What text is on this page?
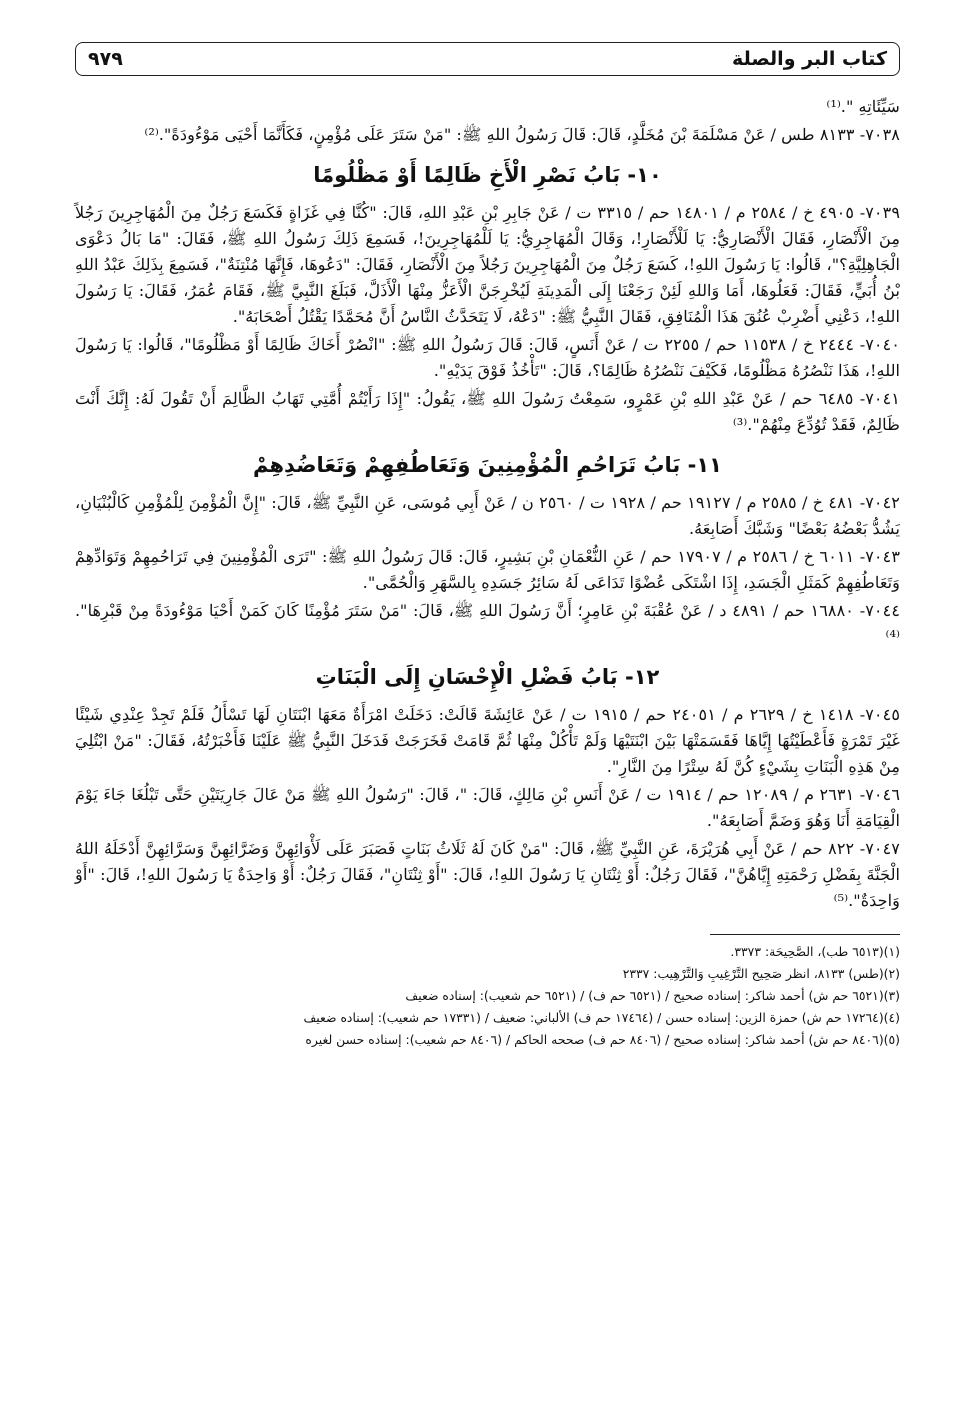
كتاب البر والصلة
٩٧٩

سَيِّئَاتِهِ ".⁽¹⁾

٧٠٣٨- ٨١٣٣ طس / عَنْ مَسْلَمَةَ بْنَ مُخَلَّدٍ، قَالَ: قَالَ رَسُولُ اللهِ ﷺ: "مَنْ سَتَرَ عَلَى مُؤْمِنٍ، فَكَأَنَّمَا أَحْيَى مَوْءُودَةً".⁽²⁾

١٠- بَابُ نَصْرِ الْأَخِ ظَالِمًا أَوْ مَظْلُومًا

٧٠٣٩- ٤٩٠٥ خ / ٢٥٨٤ م / ١٤٨٠١ حم / ٣٣١٥ ت / عَنْ جَابِرِ بْنِ عَبْدِ اللهِ، قَالَ: "كُنَّا فِي غَزَاةٍ فَكَسَعَ رَجُلٌ مِنَ الْمُهَاجِرِينَ رَجُلاً مِنَ الْأَنْصَارِ، فَقَالَ الْأَنْصَارِيُّ: يَا لَلْأَنْصَارِ!، وَقَالَ الْمُهَاجِرِيُّ: يَا لَلْمُهَاجِرِينَ!، فَسَمِعَ ذَلِكَ رَسُولُ اللهِ ﷺ، فَقَالَ: "مَا بَالُ دَعْوَى الْجَاهِلِيَّةِ؟"، قَالُوا: يَا رَسُولَ اللهِ!، كَسَعَ رَجُلٌ مِنَ الْمُهَاجِرِينَ رَجُلاً مِنَ الْأَنْصَارِ، فَقَالَ: "دَعُوهَا، فَإِنَّهَا مُنْتِنَةٌ"، فَسَمِعَ بِذَلِكَ عَبْدُ اللهِ بْنُ أُبَيٍّ، فَقَالَ: فَعَلُوهَا، أَمَا وَاللهِ لَئِنْ رَجَعْنَا إِلَى الْمَدِينَةِ لَيُخْرِجَنَّ الْأَعَزُّ مِنْهَا الْأَذَلَّ، فَبَلَغَ النَّبِيَّ ﷺ، فَقَامَ عُمَرُ، فَقَالَ: يَا رَسُولَ اللهِ!، دَعْنِي أَضْرِبْ عُنُقَ هَذَا الْمُنَافِقِ، فَقَالَ النَّبِيُّ ﷺ: "دَعْهُ، لَا يَتَحَدَّثُ النَّاسُ أَنَّ مُحَمَّدًا يَقْتُلُ أَصْحَابَهُ".

٧٠٤٠- ٢٤٤٤ خ / ١١٥٣٨ حم / ٢٢٥٥ ت / عَنْ أَنَسٍ، قَالَ: قَالَ رَسُولُ اللهِ ﷺ: "انْصُرْ أَخَاكَ ظَالِمًا أَوْ مَظْلُومًا"، قَالُوا: يَا رَسُولَ اللهِ!، هَذَا نَنْصُرُهُ مَظْلُومًا، فَكَيْفَ نَنْصُرُهُ ظَالِمًا؟، قَالَ: "تَأْخُذُ فَوْقَ يَدَيْهِ".

٧٠٤١- ٦٤٨٥ حم / عَنْ عَبْدِ اللهِ بْنِ عَمْرٍو، سَمِعْتُ رَسُولَ اللهِ ﷺ، يَقُولُ: "إِذَا رَأَيْتُمْ أُمَّتِي تَهَابُ الظَّالِمَ أَنْ تَقُولَ لَهُ: إِنَّكَ أَنْتَ ظَالِمٌ، فَقَدْ تُوُدِّعَ مِنْهُمْ".⁽³⁾

١١- بَابُ تَرَاحُمِ الْمُؤْمِنِينَ وَتَعَاطُفِهِمْ وَتَعَاضُدِهِمْ

٧٠٤٢- ٤٨١ خ / ٢٥٨٥ م / ١٩١٢٧ حم / ١٩٢٨ ت / ٢٥٦٠ ن / عَنْ أَبِي مُوسَى، عَنِ النَّبِيِّ ﷺ، قَالَ: "إِنَّ الْمُؤْمِنَ لِلْمُؤْمِنِ كَالْبُنْيَانِ، يَشُدُّ بَعْضُهُ بَعْضًا" وَشَبَّكَ أَصَابِعَهُ.

٧٠٤٣- ٦٠١١ خ / ٢٥٨٦ م / ١٧٩٠٧ حم / عَنِ النُّعْمَانِ بْنِ بَشِيرٍ، قَالَ: قَالَ رَسُولُ اللهِ ﷺ: "تَرَى الْمُؤْمِنِينَ فِي تَرَاحُمِهِمْ وَتَوَادِّهِمْ وَتَعَاطُفِهِمْ كَمَثَلِ الْجَسَدِ، إِذَا اشْتَكَى عُضْوًا تَدَاعَى لَهُ سَائِرُ جَسَدِهِ بِالسَّهَرِ وَالْحُمَّى".

٧٠٤٤- ١٦٨٨٠ حم / ٤٨٩١ د / عَنْ عُقْبَةَ بْنِ عَامِرٍ؛ أَنَّ رَسُولَ اللهِ ﷺ، قَالَ: "مَنْ سَتَرَ مُؤْمِنًا كَانَ كَمَنْ أَحْيَا مَوْءُودَةً مِنْ قَبْرِهَا".⁽⁴⁾

١٢- بَابُ فَضْلِ الْإِحْسَانِ إِلَى الْبَنَاتِ

٧٠٤٥- ١٤١٨ خ / ٢٦٢٩ م / ٢٤٠٥١ حم / ١٩١٥ ت / عَنْ عَائِشَةَ قَالَتْ: دَخَلَتْ امْرَأَةٌ مَعَهَا ابْنَتَانِ لَهَا تَسْأَلُ فَلَمْ تَجِدْ عِنْدِي شَيْئًا غَيْرَ تَمْرَةٍ فَأَعْطَيْتُهَا إِيَّاهَا فَقَسَمَتْهَا بَيْنَ ابْنَتَيْهَا وَلَمْ تَأْكُلْ مِنْهَا ثُمَّ قَامَتْ فَخَرَجَتْ فَدَخَلَ النَّبِيُّ ﷺ عَلَيْنَا فَأَخْبَرْتُهُ، فَقَالَ: "مَنْ ابْتُلِيَ مِنْ هَذِهِ الْبَنَاتِ بِشَيْءٍ كُنَّ لَهُ سِتْرًا مِنَ النَّارِ".

٧٠٤٦- ٢٦٣١ م / ١٢٠٨٩ حم / ١٩١٤ ت / عَنْ أَنَسِ بْنِ مَالِكٍ، قَالَ: "، قَالَ: "رَسُولُ اللهِ ﷺ مَنْ عَالَ جَارِيَتَيْنِ حَتَّى تَبْلُغَا جَاءَ يَوْمَ الْقِيَامَةِ أَنَا وَهُوَ وَضَمَّ أَصَابِعَهُ".

٧٠٤٧- ٨٢٢ حم / عَنْ أَبِي هُرَيْرَةَ، عَنِ النَّبِيِّ ﷺ، قَالَ: "مَنْ كَانَ لَهُ ثَلَاثُ بَنَاتٍ فَصَبَرَ عَلَى لَأْوَائِهِنَّ وَضَرَّائِهِنَّ وَسَرَّائِهِنَّ أَدْخَلَهُ اللهُ الْجَنَّةَ بِفَضْلِ رَحْمَتِهِ إِيَّاهُنَّ"، فَقَالَ رَجُلٌ: أَوْ ثِنْتَانِ يَا رَسُولَ اللهِ!، قَالَ: "أَوْ ثِنْتَانِ"، فَقَالَ رَجُلٌ: أَوْ وَاحِدَةٌ يَا رَسُولَ اللهِ!، قَالَ: "أَوْ وَاحِدَةٌ".⁽⁵⁾

(١)(٦٥١٣ طب)، الصَّحِيحَة: ٣٣٧٣.

(٢)(طس) ٨١٣٣، انظر صَحِيح التَّرْغِيبِ وَالتَّرْهِيب: ٢٣٣٧

(٣)(٦٥٢١ حم ش) أحمد شاكر: إسناده صحيح / (٦٥٢١ حم ف) / (٦٥٢١ حم شعيب): إسناده ضعيف

(٤)(١٧٢٦٤ حم ش) حمزة الزين: إسناده حسن / (١٧٤٦٤ حم ف) الألباني: ضعيف / (١٧٣٣١ حم شعيب): إسناده ضعيف

(٥)(٨٤٠٦ حم ش) أحمد شاكر: إسناده صحيح / (٨٤٠٦ حم ف) صححه الحاكم / (٨٤٠٦ حم شعيب): إسناده حسن لغيره
